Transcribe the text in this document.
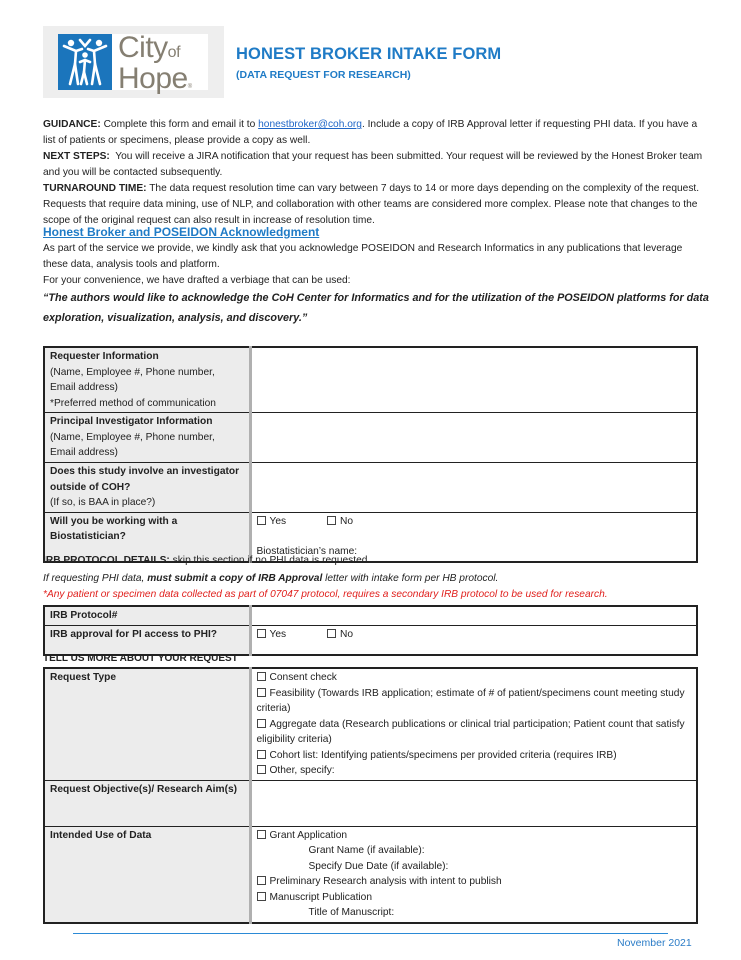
Cityof
Hope®
HONEST BROKER INTAKE FORM
(DATA REQUEST FOR RESEARCH)
GUIDANCE: Complete this form and email it to honestbroker@coh.org. Include a copy of IRB Approval letter if requesting PHI data. If you have a list of patients or specimens, please provide a copy as well.
NEXT STEPS:  You will receive a JIRA notification that your request has been submitted. Your request will be reviewed by the Honest Broker team and you will be contacted subsequently.
TURNAROUND TIME: The data request resolution time can vary between 7 days to 14 or more days depending on the complexity of the request. Requests that require data mining, use of NLP, and collaboration with other teams are considered more complex. Please note that changes to the scope of the original request can also result in increase of resolution time.
Honest Broker and POSEIDON Acknowledgment
As part of the service we provide, we kindly ask that you acknowledge POSEIDON and Research Informatics in any publications that leverage these data, analysis tools and platform.
For your convenience, we have drafted a verbiage that can be used:
“The authors would like to acknowledge the CoH Center for Informatics and for the utilization of the POSEIDON platforms for data exploration, visualization, analysis, and discovery.”
Requester Information
(Name, Employee #, Phone number,
Email address)
*Preferred method of communication	
Principal Investigator Information
(Name, Employee #, Phone number,
Email address)	
Does this study involve an investigator outside of COH?
(If so, is BAA in place?)	
Will you be working with a Biostatistician?	Yes No
Biostatistician’s name:
IRB PROTOCOL DETAILS: skip this section if no PHI data is requested.
If requesting PHI data, must submit a copy of IRB Approval letter with intake form per HB protocol.
*Any patient or specimen data collected as part of 07047 protocol, requires a secondary IRB protocol to be used for research.
IRB Protocol#	
IRB approval for PI access to PHI?	Yes No
TELL US MORE ABOUT YOUR REQUEST
Request Type	Consent check
Feasibility (Towards IRB application; estimate of # of patient/specimens count meeting study criteria)
Aggregate data (Research publications or clinical trial participation; Patient count that satisfy eligibility criteria)
Cohort list: Identifying patients/specimens per provided criteria (requires IRB)
Other, specify:

Request Objective(s)/ Research Aim(s)	
Intended Use of Data	Grant Application
Grant Name (if available):
Specify Due Date (if available):
Preliminary Research analysis with intent to publish
Manuscript Publication
Title of Manuscript:
November 2021
